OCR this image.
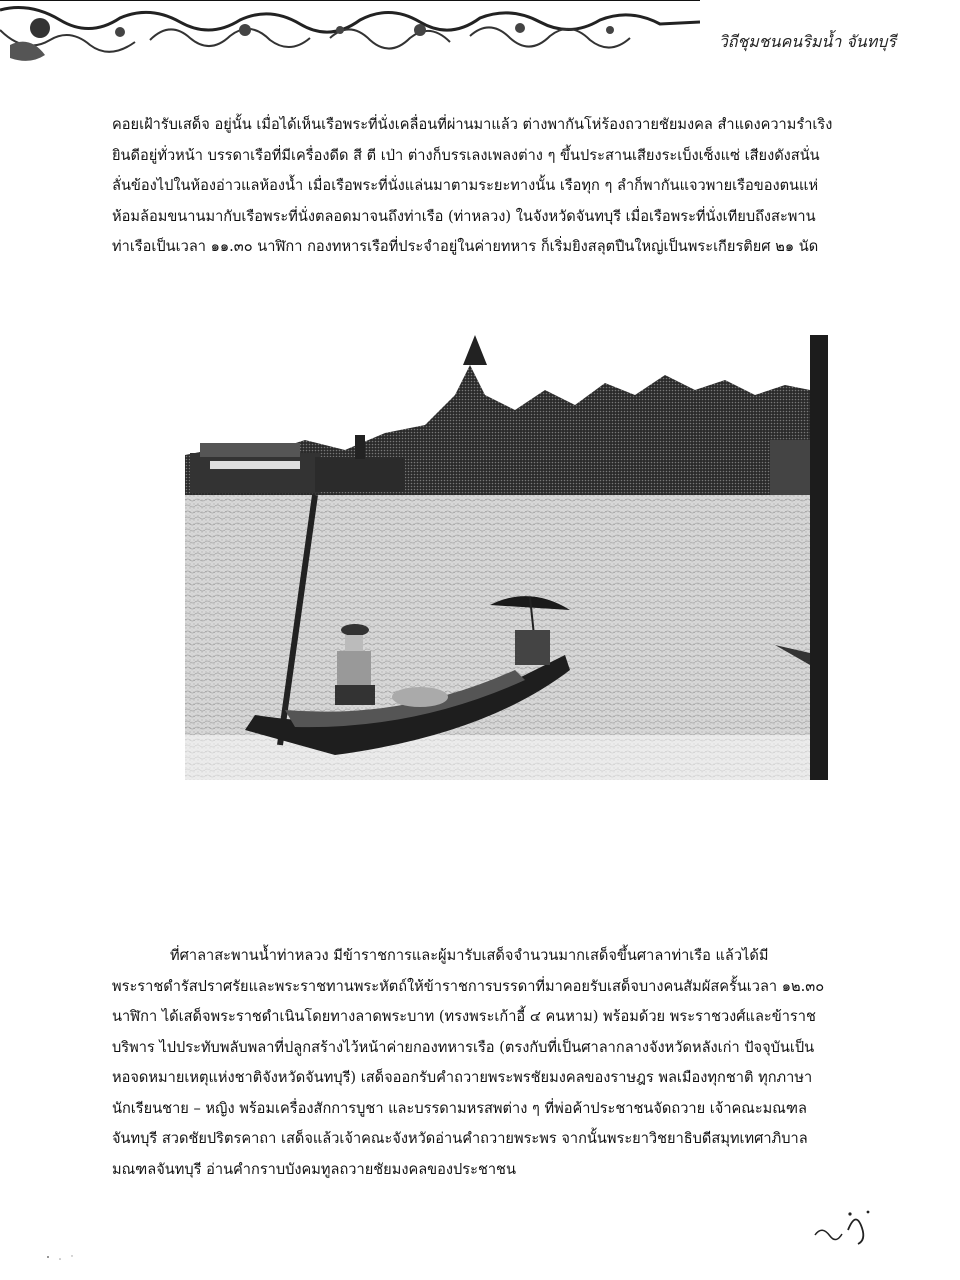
วิถีชุมชนคนริมน้ำ จันทบุรี
คอยเฝ้ารับเสด็จ อยู่นั้น เมื่อได้เห็นเรือพระที่นั่งเคลื่อนที่ผ่านมาแล้ว ต่างพากันโห่ร้องถวายชัยมงคล สำแดงความรำเริง
ยินดีอยู่ทั่วหน้า บรรดาเรือที่มีเครื่องดีด สี ตี เป่า ต่างก็บรรเลงเพลงต่าง ๆ ขึ้นประสานเสียงระเบ็งเซ็งแซ่ เสียงดังสนั่น
ลั่นข้องไปในห้องอ่าวแลห้องน้ำ เมื่อเรือพระที่นั่งแล่นมาตามระยะทางนั้น เรือทุก ๆ ลำก็พากันแจวพายเรือของตนแห่
ห้อมล้อมขนานมากับเรือพระที่นั่งตลอดมาจนถึงท่าเรือ (ท่าหลวง) ในจังหวัดจันทบุรี เมื่อเรือพระที่นั่งเทียบถึงสะพาน
ท่าเรือเป็นเวลา ๑๑.๓๐ นาฬิกา กองทหารเรือที่ประจำอยู่ในค่ายทหาร ก็เริ่มยิงสลุตปืนใหญ่เป็นพระเกียรติยศ ๒๑ นัด
ที่ศาลาสะพานน้ำท่าหลวง มีข้าราชการและผู้มารับเสด็จจำนวนมากเสด็จขึ้นศาลาท่าเรือ แล้วได้มี
พระราชดำรัสปราศรัยและพระราชทานพระหัตถ์ให้ข้าราชการบรรดาที่มาคอยรับเสด็จบางคนสัมผัสครั้นเวลา ๑๒.๓๐
นาฬิกา ได้เสด็จพระราชดำเนินโดยทางลาดพระบาท (ทรงพระเก้าอี้ ๔ คนหาม) พร้อมด้วย พระราชวงศ์และข้าราช
บริพาร ไปประทับพลับพลาที่ปลูกสร้างไว้หน้าค่ายกองทหารเรือ (ตรงกับที่เป็นศาลากลางจังหวัดหลังเก่า ปัจจุบันเป็น
หอจดหมายเหตุแห่งชาติจังหวัดจันทบุรี) เสด็จออกรับคำถวายพระพรชัยมงคลของราษฎร พลเมืองทุกชาติ ทุกภาษา
นักเรียนชาย – หญิง พร้อมเครื่องสักการบูชา และบรรดามหรสพต่าง ๆ ที่พ่อค้าประชาชนจัดถวาย เจ้าคณะมณฑล
จันทบุรี สวดชัยปริตรคาถา เสด็จแล้วเจ้าคณะจังหวัดอ่านคำถวายพระพร จากนั้นพระยาวิชยาธิบดีสมุทเทศาภิบาล
มณฑลจันทบุรี อ่านคำกราบบังคมทูลถวายชัยมงคลของประชาชน
